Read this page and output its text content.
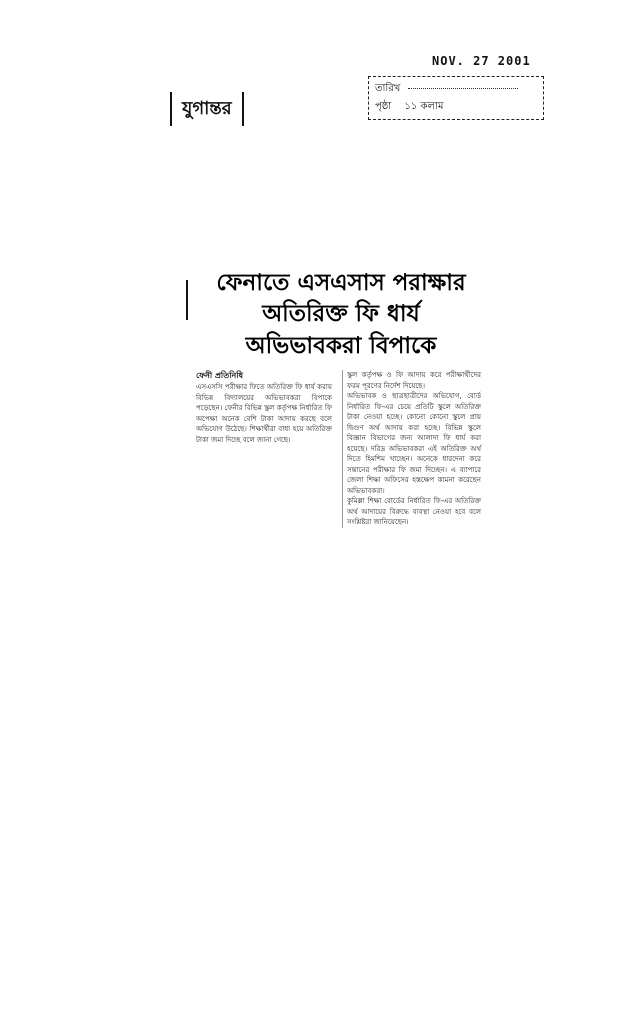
NOV. 27 2001
তারিখ
পৃষ্ঠা ১১ কলাম
যুগান্তর
ফেনাতে এসএসাস পরাক্ষার
অতিরিক্ত ফি ধার্য
অভিভাবকরা বিপাকে
ফেনী প্রতিনিধি

এসএসসি পরীক্ষার ফিতে অতিরিক্ত ফি ধার্য করায় বিভিন্ন বিদ্যালয়ের অভিভাবকরা বিপাকে পড়েছেন। ফেনীর বিভিন্ন স্কুল কর্তৃপক্ষ নির্ধারিত ফি অপেক্ষা অনেক বেশি টাকা আদায় করছে বলে অভিযোগ উঠেছে। শিক্ষার্থীরা বাধ্য হয়ে অতিরিক্ত টাকা জমা দিচ্ছে বলে জানা গেছে।

স্কুল কর্তৃপক্ষ ও ফি আদায় করে পরীক্ষার্থীদের ফরম পূরণের নির্দেশ দিয়েছে।

অভিভাবক ও ছাত্রছাত্রীদের অভিযোগ, বোর্ড নির্ধারিত ফি-এর চেয়ে প্রতিটি স্কুলে অতিরিক্ত টাকা নেওয়া হচ্ছে। কোনো কোনো স্কুলে প্রায় দ্বিগুণ অর্থ আদায় করা হচ্ছে। বিভিন্ন স্কুলে বিজ্ঞান বিভাগের জন্য আলাদা ফি ধার্য করা হয়েছে। দরিদ্র অভিভাবকরা এই অতিরিক্ত অর্থ দিতে হিমশিম খাচ্ছেন। অনেকে ধারদেনা করে সন্তানের পরীক্ষার ফি জমা দিচ্ছেন। এ ব্যাপারে জেলা শিক্ষা অফিসের হস্তক্ষেপ কামনা করেছেন অভিভাবকরা।

কুমিল্লা শিক্ষা বোর্ডের নির্ধারিত ফি-এর অতিরিক্ত অর্থ আদায়ের বিরুদ্ধে ব্যবস্থা নেওয়া হবে বলে সংশ্লিষ্টরা জানিয়েছেন।
